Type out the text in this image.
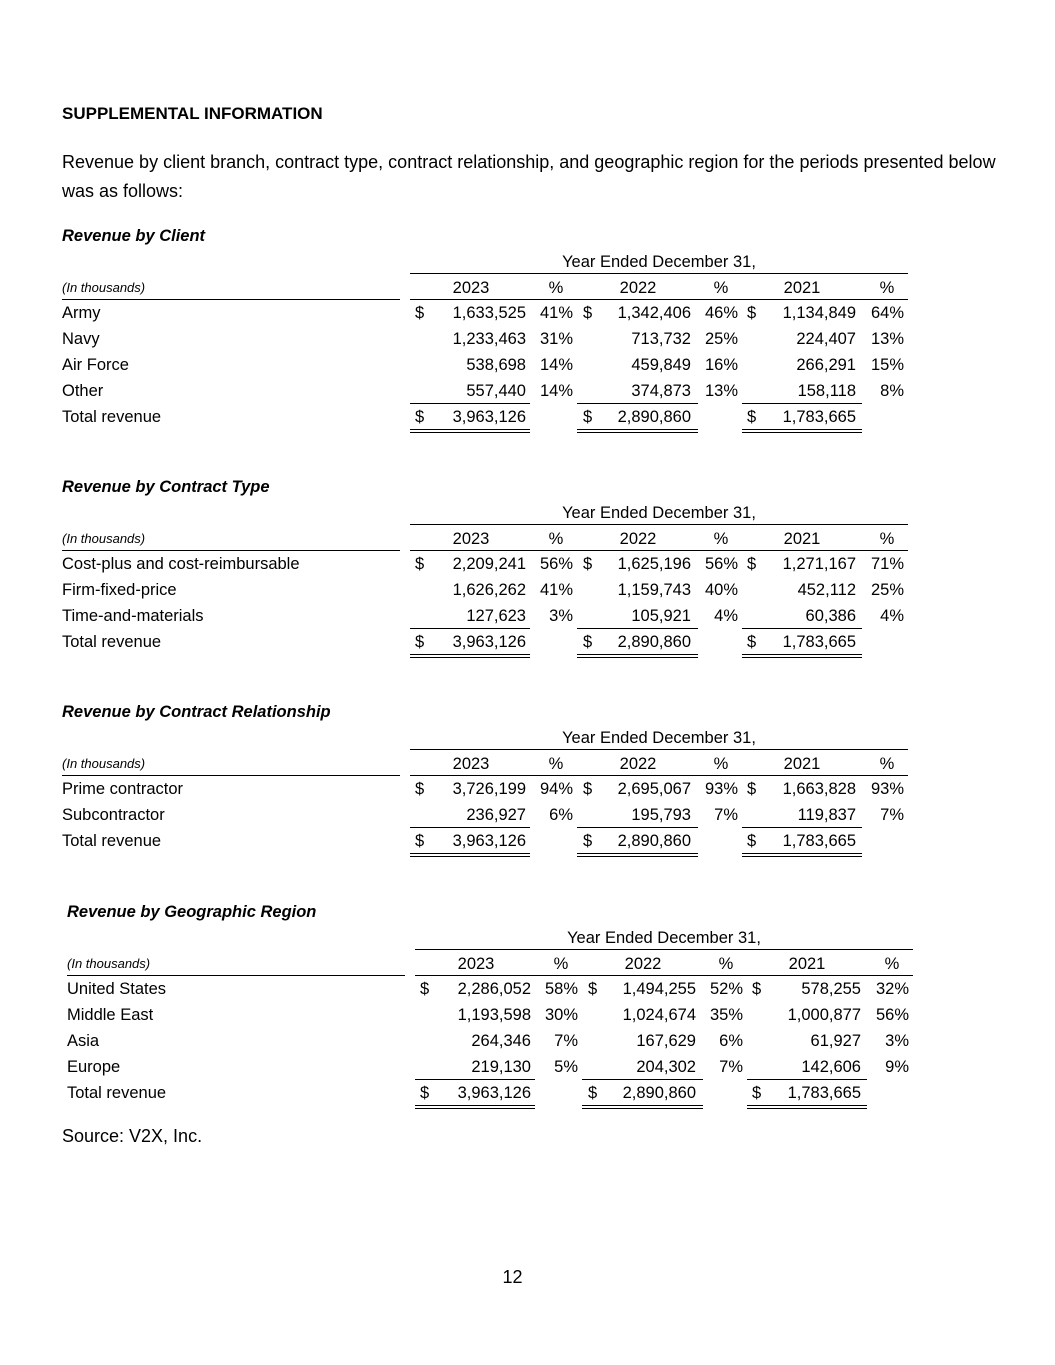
SUPPLEMENTAL INFORMATION
Revenue by client branch, contract type, contract relationship, and geographic region for the periods presented below was as follows:
Revenue by Client
Year Ended December 31,
(In thousands)	2023	%	2022	%	2021	%
Army	$	1,633,525 41% $	1,342,406 46% $	1,134,849 64%
Navy	1,233,463 31%	713,732 25%	224,407 13%
Air Force	538,698 14%	459,849 16%	266,291 15%
Other	557,440 14%	374,873 13%	158,118	8%
Total revenue	$	3,963,126	$	2,890,860	$	1,783,665
Revenue by Contract Type
Year Ended December 31,
(In thousands)	2023	%	2022	%	2021	%
Cost-plus and cost-reimbursable	$	2,209,241 56% $	1,625,196 56% $	1,271,167 71%
Firm-fixed-price	1,626,262 41%	1,159,743 40%	452,112 25%
Time-and-materials	127,623	3%	105,921	4%	60,386	4%
Total revenue	$	3,963,126	$	2,890,860	$	1,783,665
Revenue by Contract Relationship
Year Ended December 31,
(In thousands)	2023	%	2022	%	2021	%
Prime contractor	$	3,726,199 94% $	2,695,067 93% $	1,663,828 93%
Subcontractor	236,927	6%	195,793	7%	119,837	7%
Total revenue	$	3,963,126	$	2,890,860	$	1,783,665
Revenue by Geographic Region
Year Ended December 31,
(In thousands)	2023	%	2022	%	2021	%
United States	$	2,286,052 58% $	1,494,255 52% $	578,255 32%
Middle East	1,193,598 30%	1,024,674 35%	1,000,877 56%
Asia	264,346	7%	167,629	6%	61,927	3%
Europe	219,130	5%	204,302	7%	142,606	9%
Total revenue	$	3,963,126	$	2,890,860	$	1,783,665
Source: V2X, Inc.
12
